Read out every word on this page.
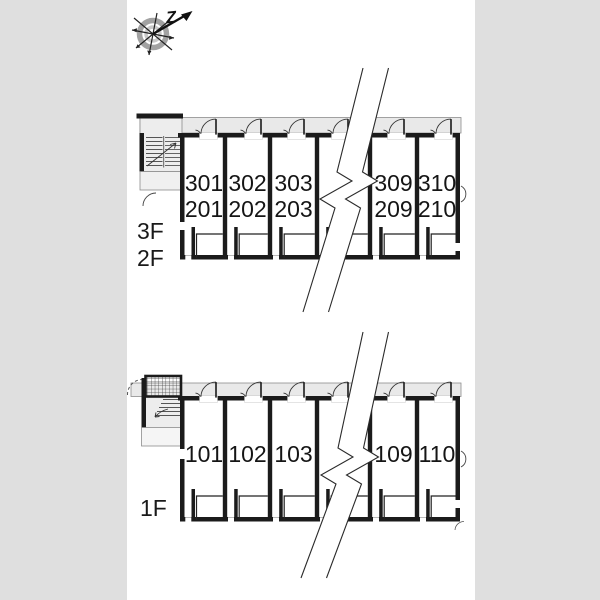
Z
3F
2F
1F
301
201
302
202
303
203
309
209
310
210
101 102 103	109 110
